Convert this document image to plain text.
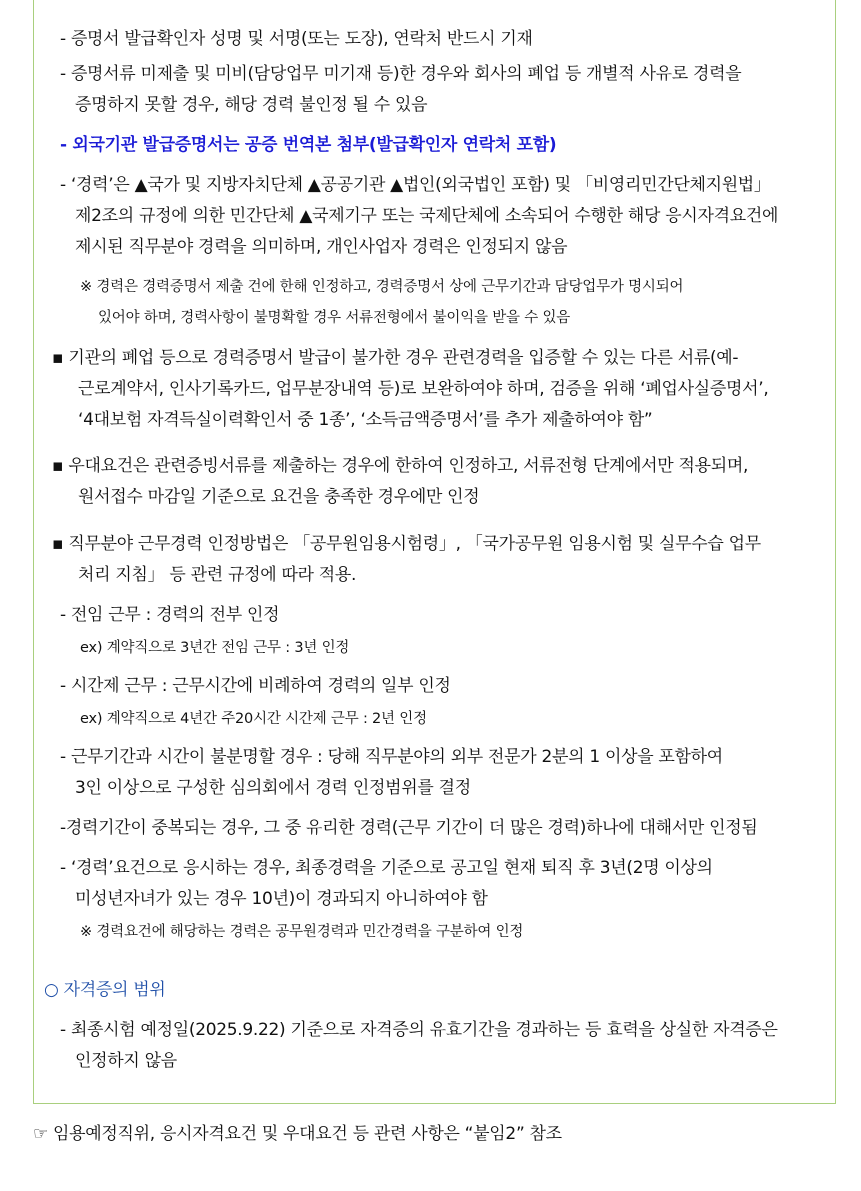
- 증명서 발급확인자 성명 및 서명(또는 도장), 연락처 반드시 기재
- 증명서류 미제출 및 미비(담당업무 미기재 등)한 경우와 회사의 폐업 등 개별적 사유로 경력을
증명하지 못할 경우, 해당 경력 불인정 될 수 있음
- 외국기관 발급증명서는 공증 번역본 첨부(발급확인자 연락처 포함)
- ‘경력’은 ▲국가 및 지방자치단체 ▲공공기관 ▲법인(외국법인 포함) 및 「비영리민간단체지원법」
제2조의 규정에 의한 민간단체 ▲국제기구 또는 국제단체에 소속되어 수행한 해당 응시자격요건에
제시된 직무분야 경력을 의미하며, 개인사업자 경력은 인정되지 않음
※ 경력은 경력증명서 제출 건에 한해 인정하고, 경력증명서 상에 근무기간과 담당업무가 명시되어
있어야 하며, 경력사항이 불명확할 경우 서류전형에서 불이익을 받을 수 있음
▪ 기관의 폐업 등으로 경력증명서 발급이 불가한 경우 관련경력을 입증할 수 있는 다른 서류(예-
근로계약서, 인사기록카드, 업무분장내역 등)로 보완하여야 하며, 검증을 위해 ‘폐업사실증명서’,
‘4대보험 자격득실이력확인서 중 1종’, ‘소득금액증명서’를 추가 제출하여야 함”
▪ 우대요건은 관련증빙서류를 제출하는 경우에 한하여 인정하고, 서류전형 단계에서만 적용되며,
원서접수 마감일 기준으로 요건을 충족한 경우에만 인정
▪ 직무분야 근무경력 인정방법은 「공무원임용시험령」, 「국가공무원 임용시험 및 실무수습 업무
처리 지침」 등 관련 규정에 따라 적용.
- 전임 근무 : 경력의 전부 인정
ex) 계약직으로 3년간 전임 근무 : 3년 인정
- 시간제 근무 : 근무시간에 비례하여 경력의 일부 인정
ex) 계약직으로 4년간 주20시간 시간제 근무 : 2년 인정
- 근무기간과 시간이 불분명할 경우 : 당해 직무분야의 외부 전문가 2분의 1 이상을 포함하여
3인 이상으로 구성한 심의회에서 경력 인정범위를 결정
-경력기간이 중복되는 경우, 그 중 유리한 경력(근무 기간이 더 많은 경력)하나에 대해서만 인정됨
- ‘경력’요건으로 응시하는 경우, 최종경력을 기준으로 공고일 현재 퇴직 후 3년(2명 이상의
미성년자녀가 있는 경우 10년)이 경과되지 아니하여야 함
※ 경력요건에 해당하는 경력은 공무원경력과 민간경력을 구분하여 인정
○ 자격증의 범위
- 최종시험 예정일(2025.9.22) 기준으로 자격증의 유효기간을 경과하는 등 효력을 상실한 자격증은
인정하지 않음
☞ 임용예정직위, 응시자격요건 및 우대요건 등 관련 사항은 “붙임2” 참조
